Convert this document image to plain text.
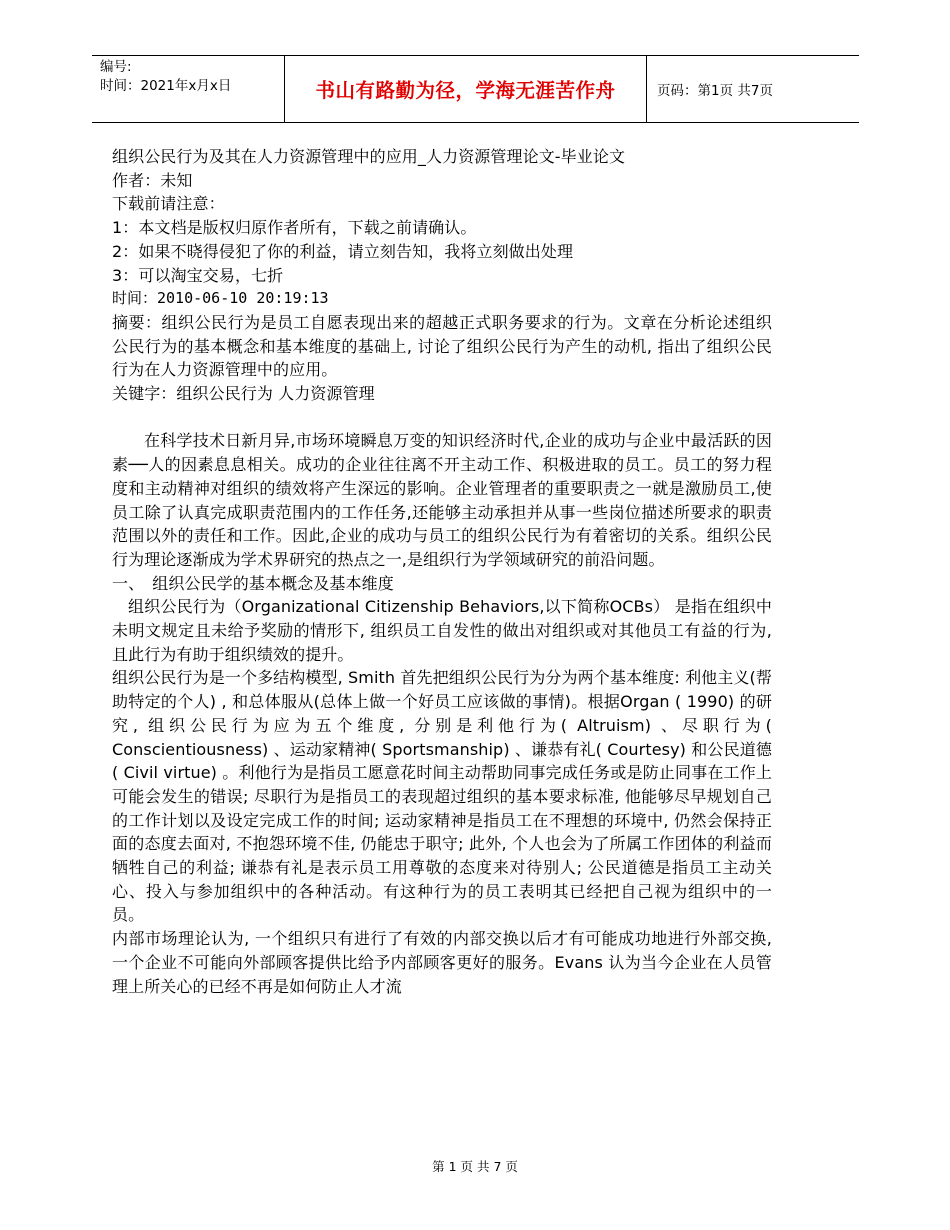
编号:
时间：2021年x月x日	书山有路勤为径，学海无涯苦作舟	页码：第1页 共7页

组织公民行为及其在人力资源管理中的应用_人力资源管理论文-毕业论文

作者：未知

下载前请注意：

1：本文档是版权归原作者所有，下载之前请确认。

2：如果不晓得侵犯了你的利益，请立刻告知，我将立刻做出处理

3：可以淘宝交易，七折

时间：2010-06-10 20:19:13

摘要：组织公民行为是员工自愿表现出来的超越正式职务要求的行为。文章在分析论述组织公民行为的基本概念和基本维度的基础上, 讨论了组织公民行为产生的动机, 指出了组织公民行为在人力资源管理中的应用。

关键字：组织公民行为 人力资源管理

在科学技术日新月异,市场环境瞬息万变的知识经济时代,企业的成功与企业中最活跃的因素──人的因素息息相关。成功的企业往往离不开主动工作、积极进取的员工。员工的努力程度和主动精神对组织的绩效将产生深远的影响。企业管理者的重要职责之一就是激励员工,使员工除了认真完成职责范围内的工作任务,还能够主动承担并从事一些岗位描述所要求的职责范围以外的责任和工作。因此,企业的成功与员工的组织公民行为有着密切的关系。组织公民行为理论逐渐成为学术界研究的热点之一,是组织行为学领域研究的前沿问题。

一、　组织公民学的基本概念及基本维度

组织公民行为（Organizational Citizenship Behaviors,以下简称OCBs） 是指在组织中未明文规定且未给予奖励的情形下, 组织员工自发性的做出对组织或对其他员工有益的行为, 且此行为有助于组织绩效的提升。

组织公民行为是一个多结构模型, Smith 首先把组织公民行为分为两个基本维度: 利他主义(帮助特定的个人) , 和总体服从(总体上做一个好员工应该做的事情)。根据Organ ( 1990) 的研究, 组织公民行为应为五个维度, 分别是利他行为( Altruism) 、尽职行为( Conscientiousness) 、运动家精神( Sportsmanship) 、谦恭有礼( Courtesy) 和公民道德( Civil virtue) 。利他行为是指员工愿意花时间主动帮助同事完成任务或是防止同事在工作上可能会发生的错误; 尽职行为是指员工的表现超过组织的基本要求标准, 他能够尽早规划自己的工作计划以及设定完成工作的时间; 运动家精神是指员工在不理想的环境中, 仍然会保持正面的态度去面对, 不抱怨环境不佳, 仍能忠于职守; 此外, 个人也会为了所属工作团体的利益而牺牲自己的利益; 谦恭有礼是表示员工用尊敬的态度来对待别人; 公民道德是指员工主动关心、投入与参加组织中的各种活动。有这种行为的员工表明其已经把自己视为组织中的一员。

内部市场理论认为, 一个组织只有进行了有效的内部交换以后才有可能成功地进行外部交换, 一个企业不可能向外部顾客提供比给予内部顾客更好的服务。Evans 认为当今企业在人员管理上所关心的已经不再是如何防止人才流

第 1 页 共 7 页
